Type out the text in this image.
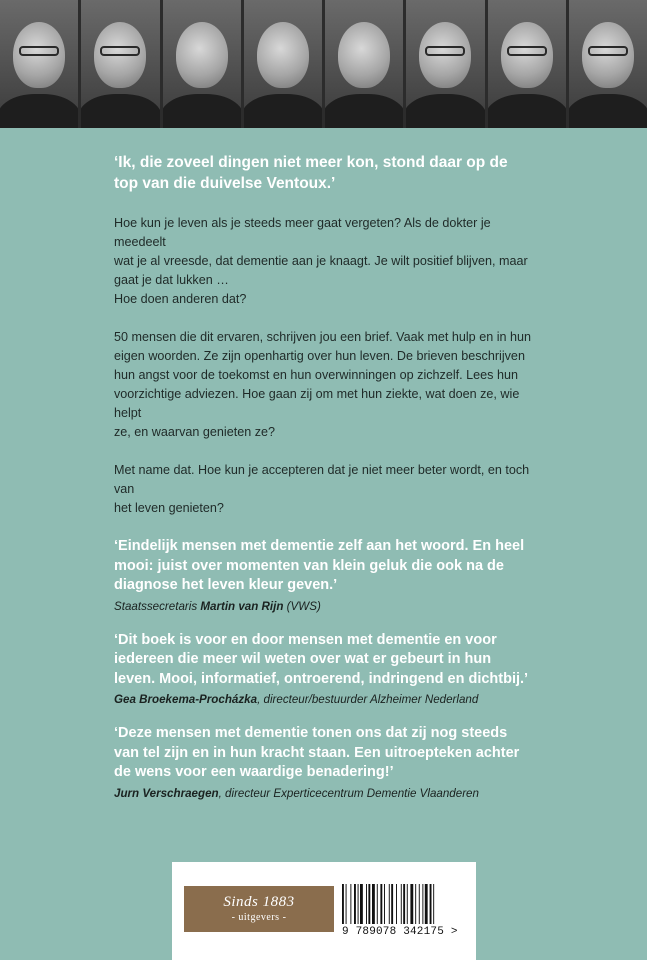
‘Ik, die zoveel dingen niet meer kon, stond daar op de top van die duivelse Ventoux.’

Hoe kun je leven als je steeds meer gaat vergeten? Als de dokter je meedeelt
wat je al vreesde, dat dementie aan je knaagt. Je wilt positief blijven, maar
gaat je dat lukken …
Hoe doen anderen dat?

50 mensen die dit ervaren, schrijven jou een brief. Vaak met hulp en in hun
eigen woorden. Ze zijn openhartig over hun leven. De brieven beschrijven
hun angst voor de toekomst en hun overwinningen op zichzelf. Lees hun
voorzichtige adviezen. Hoe gaan zij om met hun ziekte, wat doen ze, wie helpt
ze, en waarvan genieten ze?

Met name dat. Hoe kun je accepteren dat je niet meer beter wordt, en toch van
het leven genieten?

‘Eindelijk mensen met dementie zelf aan het woord. En heel mooi: juist over momenten van klein geluk die ook na de diagnose het leven kleur geven.’

Staatssecretaris Martin van Rijn (VWS)

‘Dit boek is voor en door mensen met dementie en voor iedereen die meer wil weten over wat er gebeurt in hun leven. Mooi, informatief, ontroerend, indringend en dichtbij.’

Gea Broekema-Procházka, directeur/bestuurder Alzheimer Nederland

‘Deze mensen met dementie tonen ons dat zij nog steeds van tel zijn en in hun kracht staan. Een uitroepteken achter de wens voor een waardige benadering!’

Jurn Verschraegen, directeur Experticecentrum Dementie Vlaanderen
Sinds 1883
- uitgevers -
9 789078 342175 >
